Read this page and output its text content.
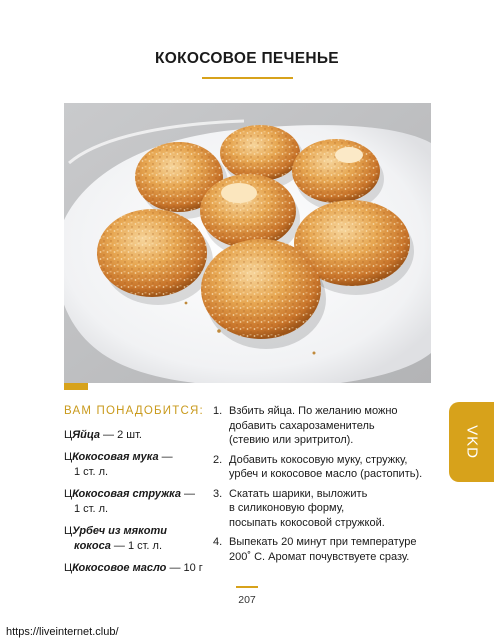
КОКОСОВОЕ ПЕЧЕНЬЕ
ВАМ ПОНАДОБИТСЯ:
ЦЯйца — 2 шт.
ЦКокосовая мука —
1 ст. л.
ЦКокосовая стружка —
1 ст. л.
ЦУрбеч из мякоти
кокоса — 1 ст. л.
ЦКокосовое масло — 10 г
1. Взбить яйца. По желанию можно
добавить сахарозаменитель
(стевию или эритритол).
2. Добавить кокосовую муку, стружку,
урбеч и кокосовое масло (растопить).
3. Скатать шарики, выложить
в силиконовую форму,
посыпать кокосовой стружкой.
4. Выпекать 20 минут при температуре
200˚ С. Аромат почувствуете сразу.
VKD
207
https://liveinternet.club/
